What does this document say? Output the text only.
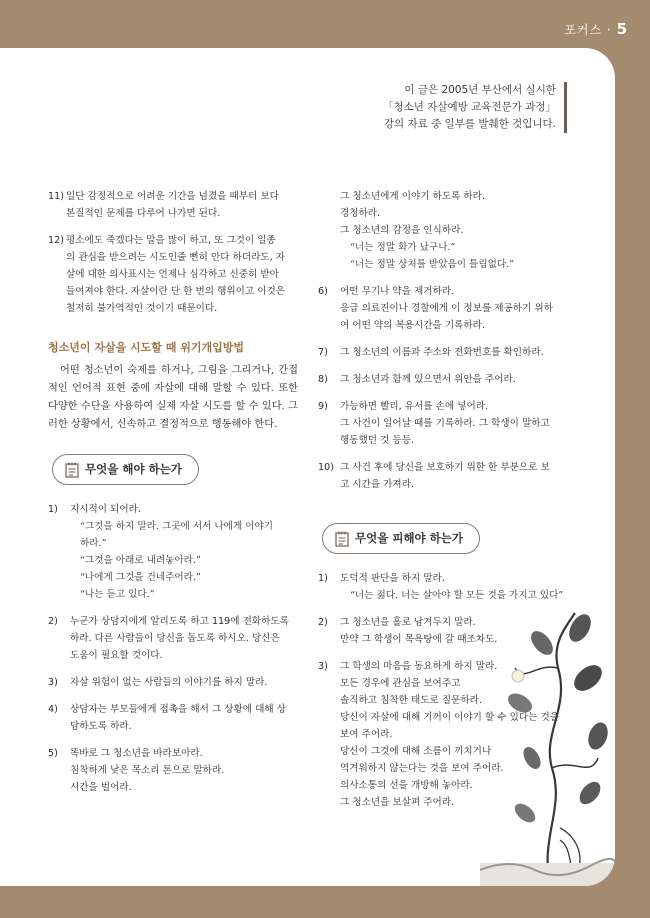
포커스 · 5
이 글은 2005년 부산에서 실시한
「청소년 자살예방 교육전문가 과정」
강의 자료 중 일부를 발췌한 것입니다.
11) 일단 감정적으로 어려운 기간을 넘겼을 때부터 보다
본질적인 문제를 다루어 나가면 된다.
12) 평소에도 죽겠다는 말을 많이 하고, 또 그것이 일종
의 관심을 받으려는 시도인줄 뻔히 안다 하더라도, 자
살에 대한 의사표시는 언제나 심각하고 신중히 받아
들여져야 한다. 자살이란 단 한 번의 행위이고 이것은
철저히 불가역적인 것이기 때문이다.
청소년이 자살을 시도할 때 위기개입방법
어떤 청소년이 숙제를 하거나, 그림을 그리거나, 간접적인 언어적 표현 중에 자살에 대해 말할 수 있다. 또한 다양한 수단을 사용하여 실제 자살 시도를 할 수 있다. 그러한 상황에서, 신속하고 결정적으로 행동해야 한다.
무엇을 해야 하는가
1) 지시적이 되어라.
“그것을 하지 말라. 그곳에 서서 나에게 이야기
하라.”
“그것을 아래로 내려놓아라.”
“나에게 그것을 건네주어라.”
“나는 듣고 있다.”
2) 누군가 상담지에게 알리도록 하고 119에 전화하도록
하라. 다른 사람들이 당신을 돕도록 하시오. 당신은
도움이 필요할 것이다.
3) 자살 위험이 없는 사람들의 이야기를 하지 말라.
4) 상담자는 부모들에게 접촉을 해서 그 상황에 대해 상
담하도록 하라.
5) 똑바로 그 청소년을 바라보아라.
침착하게 낮은 목소리 톤으로 말하라.
시간을 벌어라.
그 청소년에게 이야기 하도록 하라.
경청하라.
그 청소년의 감정을 인식하라.
“너는 정말 화가 났구나.”
“너는 정말 상처를 받았음이 틀림없다.”
6) 어떤 무기나 약을 제거하라.
응급 의료진이나 경찰에게 이 정보를 제공하기 위하
여 어떤 약의 복용시간을 기록하라.
7) 그 청소년의 이름과 주소와 전화번호를 확인하라.
8) 그 청소년과 함께 있으면서 위안을 주어라.
9) 가능하면 빨리, 유서를 손에 넣어라.
그 사건이 일어날 때를 기록하라. 그 학생이 말하고
행동했던 것 등등.
10) 그 사건 후에 당신을 보호하기 위한 한 부분으로 보
고 시간을 가져라.
무엇을 피해야 하는가
1) 도덕적 판단을 하지 말라.
“너는 젊다. 너는 살아야 할 모든 것을 가지고 있다”
2) 그 청소년을 홀로 남겨두지 말라.
만약 그 학생이 목욕탕에 갈 때조차도.
3) 그 학생의 마음을 동요하게 하지 말라.
모든 경우에 관심을 보여주고
솔직하고 침착한 태도로 질문하라.
당신이 자살에 대해 기꺼이 이야기 할 수 있다는 것을
보여 주어라.
당신이 그것에 대해 소름이 끼치거나
역겨워하지 않는다는 것을 보여 주어라.
의사소통의 선을 개방해 놓아라.
그 청소년을 보살펴 주어라.
